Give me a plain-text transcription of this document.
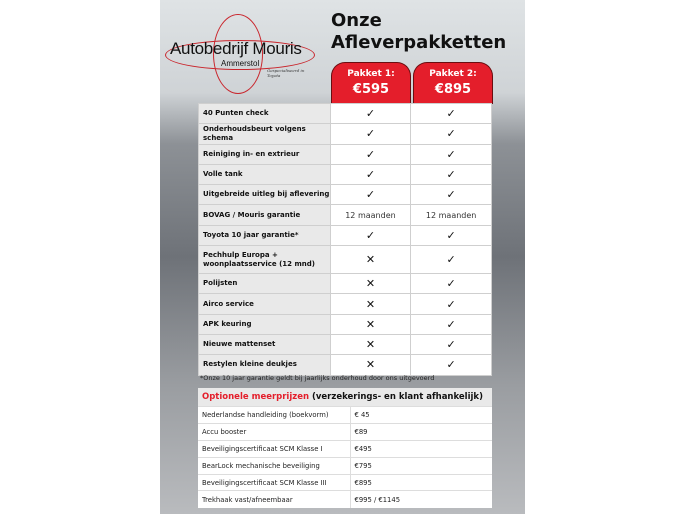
Autobedrijf Mouris
Ammerstol
Gespecialiseerd in Toyota
Onze
Afleverpakketten
Pakket 1:
€595
Pakket 2:
€895
40 Punten check	✓	✓
Onderhoudsbeurt volgens schema	✓	✓
Reiniging in- en extrieur	✓	✓
Volle tank	✓	✓
Uitgebreide uitleg bij aflevering	✓	✓
BOVAG / Mouris garantie	12 maanden	12 maanden
Toyota 10 jaar garantie*	✓	✓
Pechhulp Europa + woonplaatsservice (12 mnd)	✕	✓
Polijsten	✕	✓
Airco service	✕	✓
APK keuring	✕	✓
Nieuwe mattenset	✕	✓
Restylen kleine deukjes	✕	✓
*Onze 10 jaar garantie geldt bij jaarlijks onderhoud door ons uitgevoerd
Optionele meerprijzen (verzekerings- en klant afhankelijk)	
Nederlandse handleiding (boekvorm)	€ 45
Accu booster	€89
Beveiligingscertificaat SCM Klasse I	€495
BearLock mechanische beveiliging	€795
Beveiligingscertificaat SCM Klasse III	€895
Trekhaak vast/afneembaar	€995 / €1145
